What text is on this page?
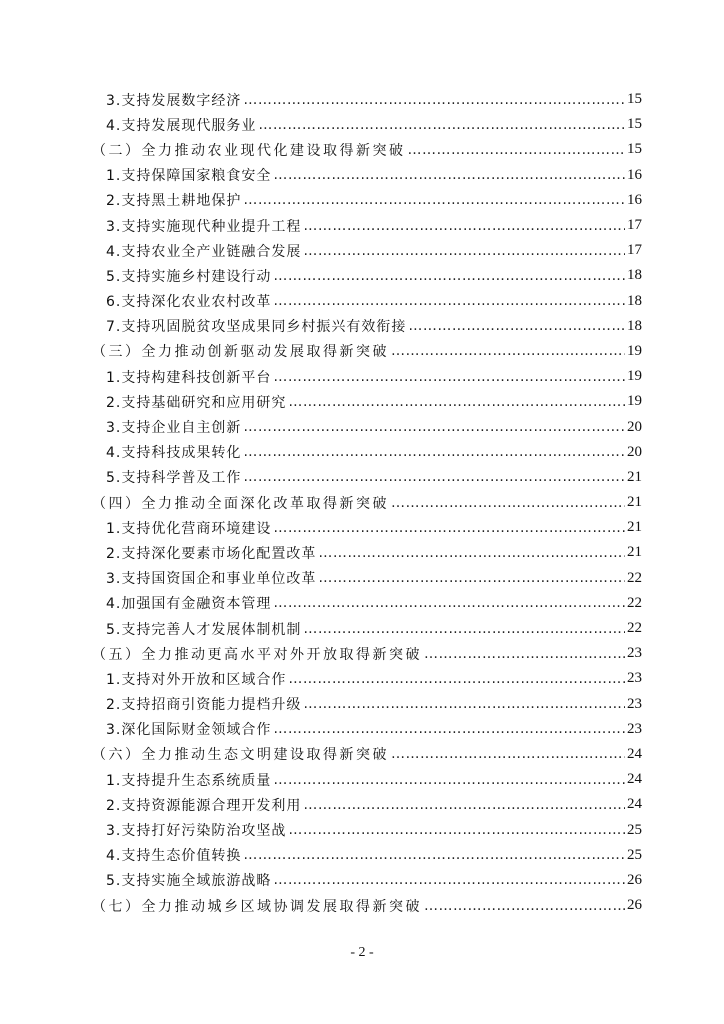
3.支持发展数字经济 …………………………………………………………………………………………………………………………………	15
4.支持发展现代服务业 …………………………………………………………………………………………………………………………………	15
（二）全力推动农业现代化建设取得新突破 …………………………………………………………………………………………………………………………………	15
1.支持保障国家粮食安全 …………………………………………………………………………………………………………………………………	16
2.支持黑土耕地保护 …………………………………………………………………………………………………………………………………	16
3.支持实施现代种业提升工程 …………………………………………………………………………………………………………………………………	17
4.支持农业全产业链融合发展 …………………………………………………………………………………………………………………………………	17
5.支持实施乡村建设行动 …………………………………………………………………………………………………………………………………	18
6.支持深化农业农村改革 …………………………………………………………………………………………………………………………………	18
7.支持巩固脱贫攻坚成果同乡村振兴有效衔接 …………………………………………………………………………………………………………………………………	18
（三）全力推动创新驱动发展取得新突破 …………………………………………………………………………………………………………………………………	19
1.支持构建科技创新平台 …………………………………………………………………………………………………………………………………	19
2.支持基础研究和应用研究 …………………………………………………………………………………………………………………………………	19
3.支持企业自主创新 …………………………………………………………………………………………………………………………………	20
4.支持科技成果转化 …………………………………………………………………………………………………………………………………	20
5.支持科学普及工作 …………………………………………………………………………………………………………………………………	21
（四）全力推动全面深化改革取得新突破 …………………………………………………………………………………………………………………………………	21
1.支持优化营商环境建设 …………………………………………………………………………………………………………………………………	21
2.支持深化要素市场化配置改革 …………………………………………………………………………………………………………………………………	21
3.支持国资国企和事业单位改革 …………………………………………………………………………………………………………………………………	22
4.加强国有金融资本管理 …………………………………………………………………………………………………………………………………	22
5.支持完善人才发展体制机制 …………………………………………………………………………………………………………………………………	22
（五）全力推动更高水平对外开放取得新突破 …………………………………………………………………………………………………………………………………	23
1.支持对外开放和区域合作 …………………………………………………………………………………………………………………………………	23
2.支持招商引资能力提档升级 …………………………………………………………………………………………………………………………………	23
3.深化国际财金领域合作 …………………………………………………………………………………………………………………………………	23
（六）全力推动生态文明建设取得新突破 …………………………………………………………………………………………………………………………………	24
1.支持提升生态系统质量 …………………………………………………………………………………………………………………………………	24
2.支持资源能源合理开发利用 …………………………………………………………………………………………………………………………………	24
3.支持打好污染防治攻坚战 …………………………………………………………………………………………………………………………………	25
4.支持生态价值转换 …………………………………………………………………………………………………………………………………	25
5.支持实施全域旅游战略 …………………………………………………………………………………………………………………………………	26
（七）全力推动城乡区域协调发展取得新突破 …………………………………………………………………………………………………………………………………	26
- 2 -
